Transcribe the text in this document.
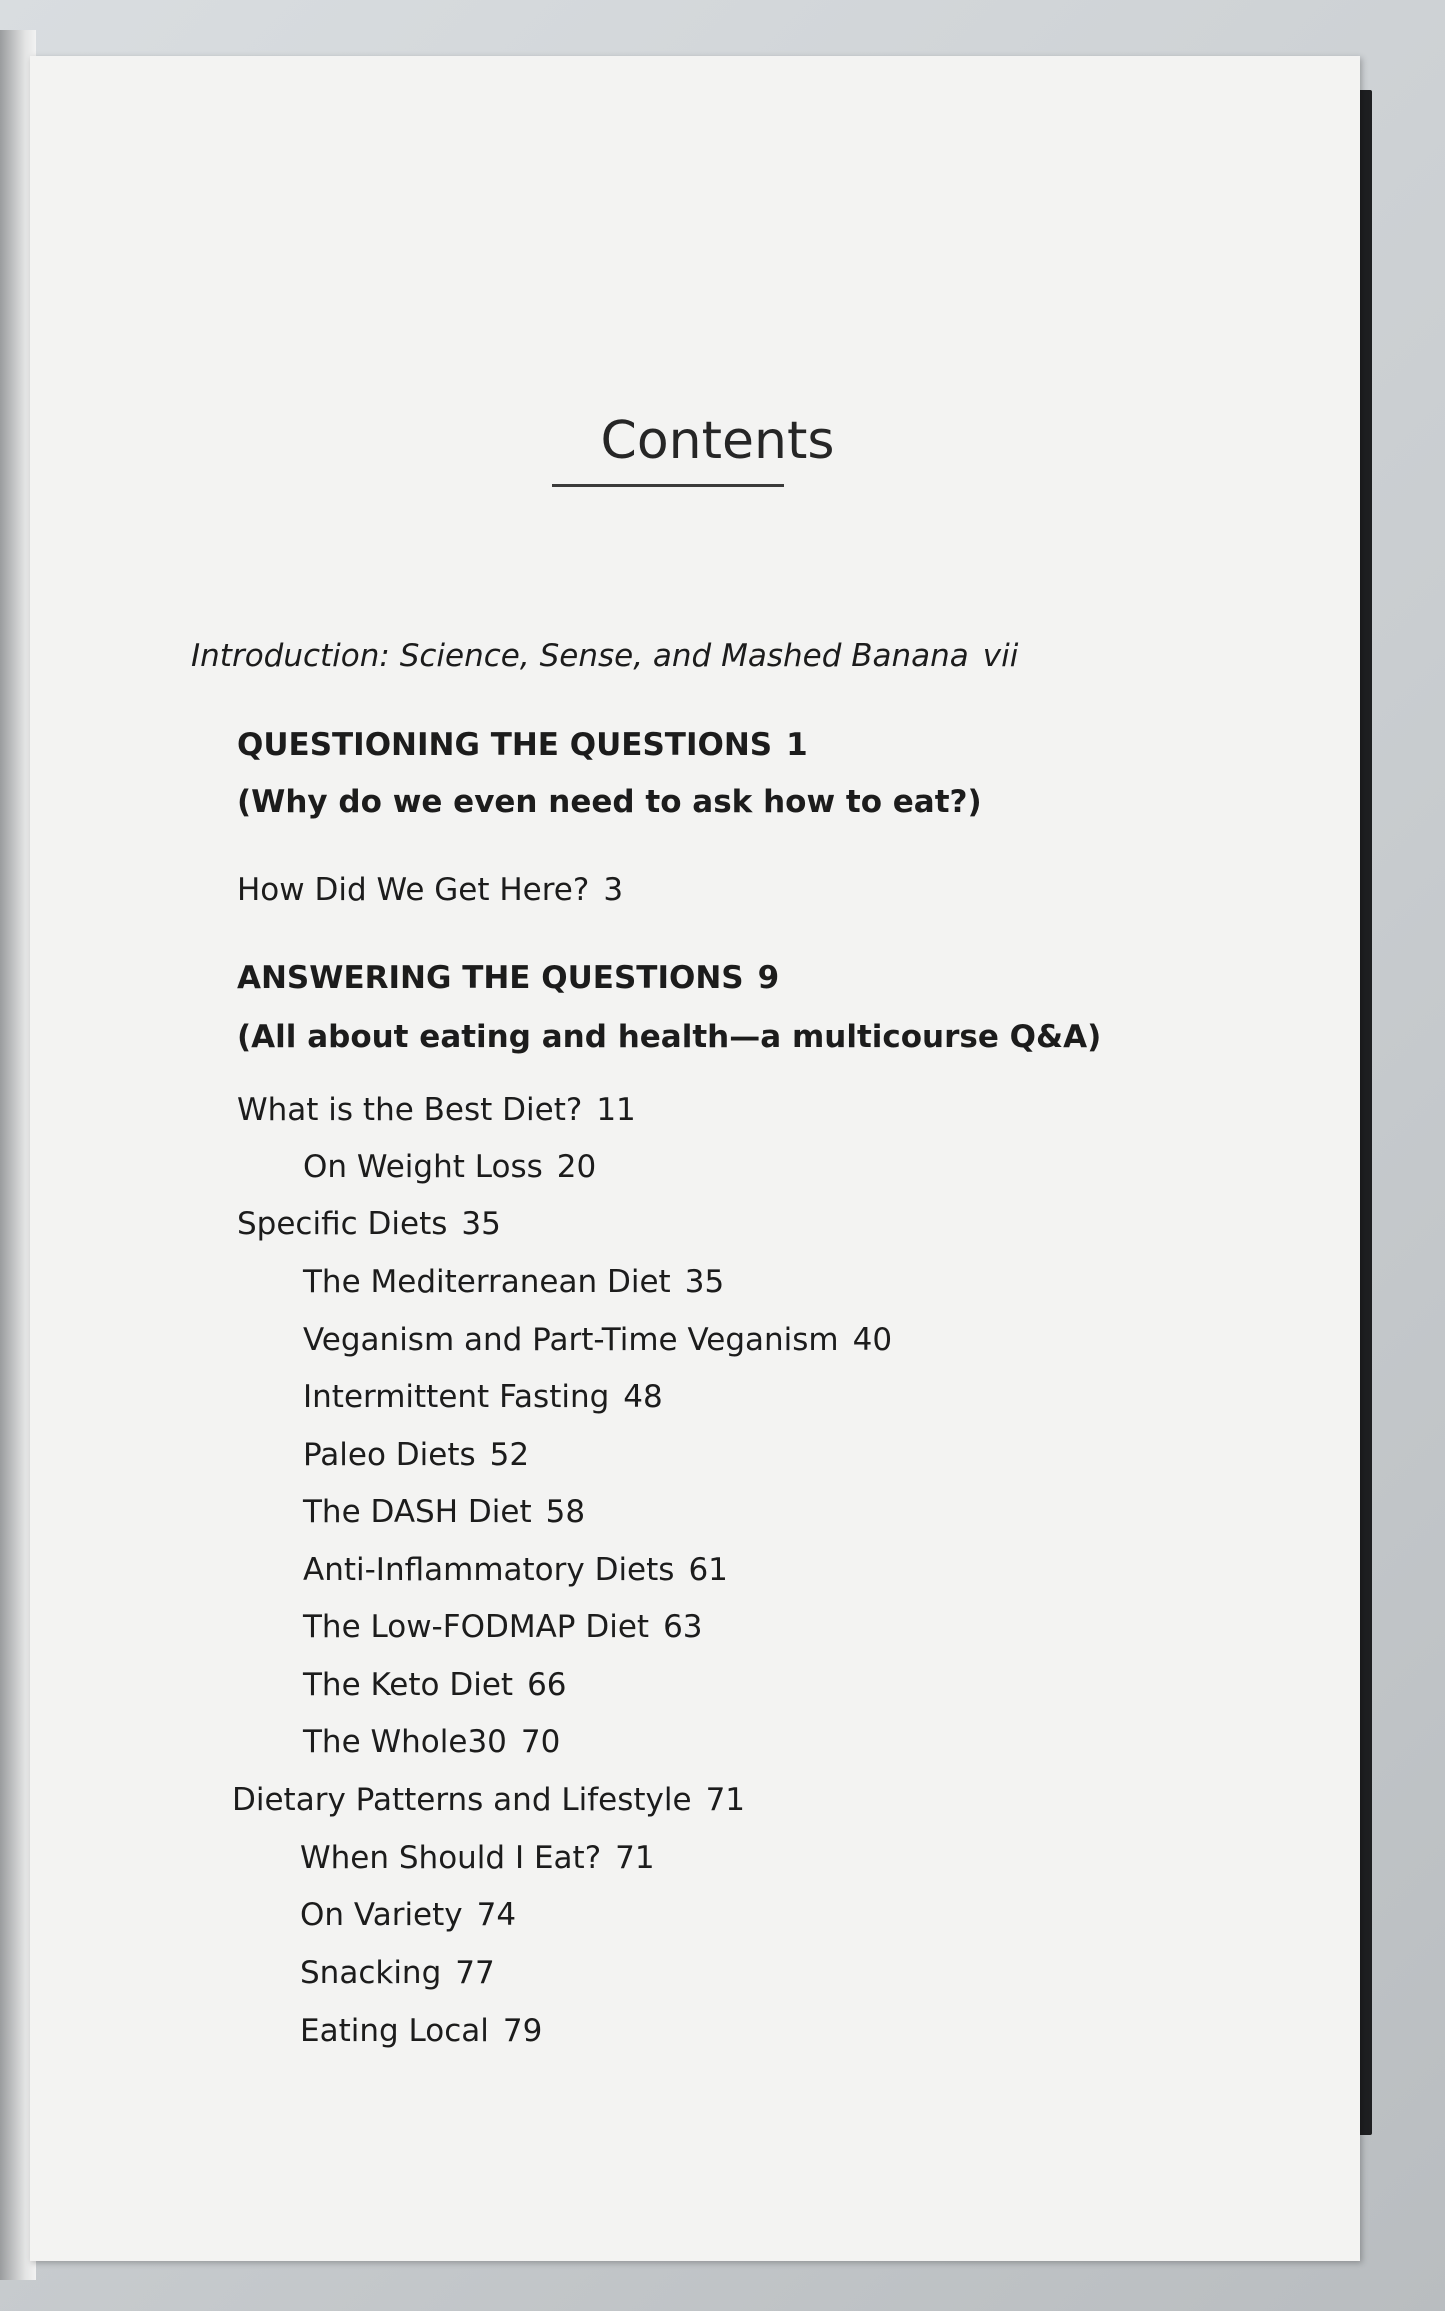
Contents
Introduction: Science, Sense, and Mashed Banana vii
QUESTIONING THE QUESTIONS 1
(Why do we even need to ask how to eat?)
How Did We Get Here? 3
ANSWERING THE QUESTIONS 9
(All about eating and health—a multicourse Q&A)
What is the Best Diet? 11
On Weight Loss 20
Specific Diets 35
The Mediterranean Diet 35
Veganism and Part-Time Veganism 40
Intermittent Fasting 48
Paleo Diets 52
The DASH Diet 58
Anti-Inflammatory Diets 61
The Low-FODMAP Diet 63
The Keto Diet 66
The Whole30 70
Dietary Patterns and Lifestyle 71
When Should I Eat? 71
On Variety 74
Snacking 77
Eating Local 79
